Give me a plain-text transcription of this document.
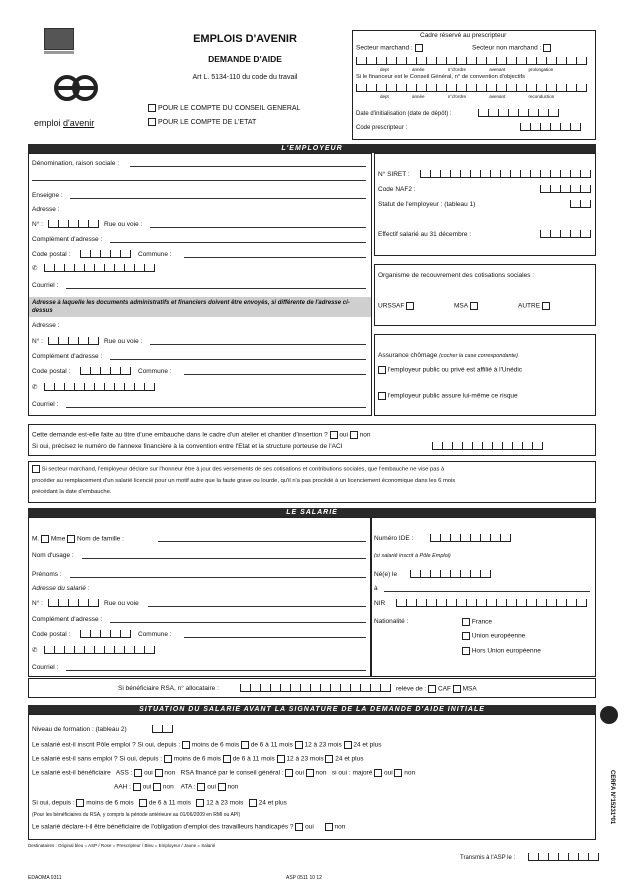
emploi d'avenir
EMPLOIS D'AVENIR
DEMANDE D'AIDE
Art L. 5134-110 du code du travail
POUR LE COMPTE DU CONSEIL GENERAL
POUR LE COMPTE DE L'ETAT
Cadre réservé au prescripteur
Secteur marchand :	Secteur non marchand :
dept année n°d'ordre avenant prolongation
Si le financeur est le Conseil Général, n° de convention d'objectifs
dept année n°d'ordre avenant reconduction
Date d'initialisation (date de dépôt) :
Code prescripteur :
L'EMPLOYEUR
Dénomination, raison sociale :
Enseigne :
Adresse :
N° :	Rue ou voie :
Complément d'adresse :
Code postal :	Commune :
✆
Courriel :
Adresse à laquelle les documents administratifs et financiers doivent être envoyés, si différente de l'adresse ci-dessus
Adresse :
N° :	Rue ou voie :
Complément d'adresse :
Code postal :	Commune :
✆
Courriel :
N° SIRET :
Code NAF2 :
Statut de l'employeur : (tableau 1)
Effectif salarié au 31 décembre :
Organisme de recouvrement des cotisations sociales :
URSSAF	MSA	AUTRE
Assurance chômage (cocher la case correspondante)
l'employeur public ou privé est affilié à l'Unédic
l'employeur public assure lui-même ce risque
Cette demande est-elle faite au titre d'une embauche dans le cadre d'un atelier et chantier d'insertion ? oui non
Si oui, précisez le numéro de l'annexe financière à la convention entre l'Etat et la structure porteuse de l'ACI
Si secteur marchand, l'employeur déclare sur l'honneur être à jour des versements de ses cotisations et contributions sociales, que l'embauche ne vise pas à
procéder au remplacement d'un salarié licencié pour un motif autre que la faute grave ou lourde, qu'il n'a pas procédé à un licenciement économique dans les 6 mois
précédant la date d'embauche.
LE SALARIÉ
M. Mme Nom de famille :
Nom d'usage :
Prénoms :
Adresse du salarié :
N° :	Rue ou voie
Complément d'adresse :
Code postal :	Commune :
✆
Courriel :
Numéro IDE :
(si salarié inscrit à Pôle Emploi)
Né(e) le
à
NIR
Nationalité :	France
Union européenne
Hors Union européenne
Si bénéficiaire RSA, n° allocataire :	relève de : CAF MSA
SITUATION DU SALARIÉ AVANT LA SIGNATURE DE LA DEMANDE D'AIDE INITIALE
Niveau de formation : (tableau 2)
Le salarié est-il inscrit Pôle emploi ? Si oui, depuis : moins de 6 mois de 6 à 11 mois 12 à 23 mois 24 et plus
Le salarié est-il sans emploi ? Si oui, depuis : moins de 6 mois de 6 à 11 mois 12 à 23 mois 24 et plus
Le salarié est-il bénéficiaire ASS : oui non RSA financé par le conseil général : oui non si oui : majoré oui non
AAH : oui non ATA : oui non
Si oui, depuis : moins de 6 mois de 6 à 11 mois 12 à 23 mois 24 et plus
(Pour les bénéficiaires du RSA, y compris la période antérieure au 01/06/2009 en RMI ou API)
Le salarié déclare-t-il être bénéficiaire de l'obligation d'emploi des travailleurs handicapés ? oui	non
CERFA N°15231*01
Destinataires : Original bleu = ASP / Rose = Prescripteur / Bleu = Employeur / Jaune = Salarié
Transmis à l'ASP le :
EDAOMA 0311	ASP 0511 10 12
